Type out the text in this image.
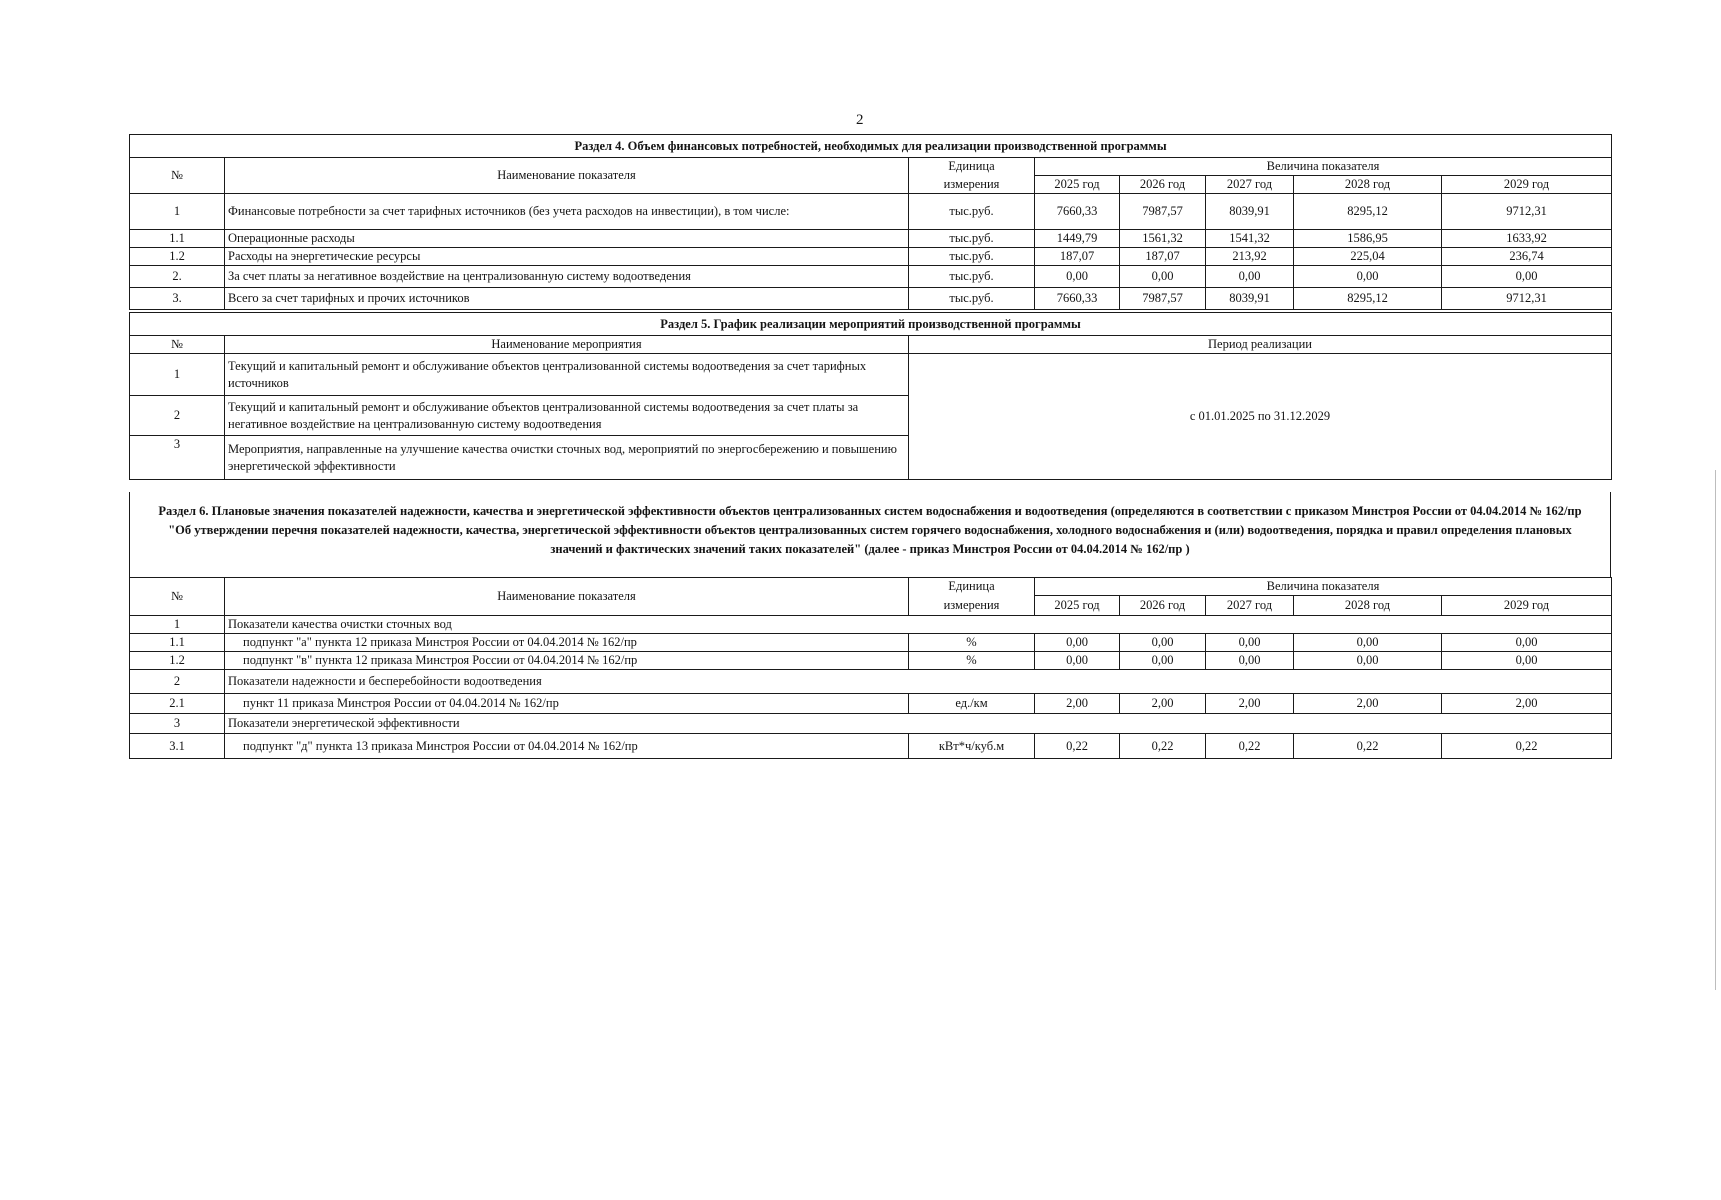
2
Раздел 4. Объем финансовых потребностей, необходимых для реализации производственной программы							
№	Наименование показателя	Единица	Величина показателя				
		измерения	2025 год	2026 год	2027 год	2028 год	2029 год
1	Финансовые потребности за счет тарифных источников (без учета расходов на инвестиции), в том числе:	тыс.руб.	7660,33	7987,57	8039,91	8295,12	9712,31
1.1	Операционные расходы	тыс.руб.	1449,79	1561,32	1541,32	1586,95	1633,92
1.2	Расходы на энергетические ресурсы	тыс.руб.	187,07	187,07	213,92	225,04	236,74
2.	За счет платы за негативное воздействие на централизованную систему водоотведения	тыс.руб.	0,00	0,00	0,00	0,00	0,00
3.	Всего за счет тарифных и прочих источников	тыс.руб.	7660,33	7987,57	8039,91	8295,12	9712,31
Раздел 5. График реализации мероприятий производственной программы		
№	Наименование мероприятия	Период реализации
1	Текущий и капитальный ремонт и обслуживание объектов централизованной системы водоотведения за счет тарифных источников	с 01.01.2025 по 31.12.2029
2	Текущий и капитальный ремонт и обслуживание объектов централизованной системы водоотведения за счет платы за негативное воздействие на централизованную систему водоотведения	
3	Мероприятия, направленные на улучшение качества очистки сточных вод, мероприятий по энергосбережению и повышению энергетической эффективности	
Раздел 6. Плановые значения показателей надежности, качества и энергетической эффективности объектов централизованных систем водоснабжения и водоотведения (определяются в соответствии с приказом Минстроя России от 04.04.2014 № 162/пр "Об утверждении перечня показателей надежности, качества, энергетической эффективности объектов централизованных систем горячего водоснабжения, холодного водоснабжения и (или) водоотведения, порядка и правил определения плановых значений и фактических значений таких показателей" (далее - приказ Минстроя России от 04.04.2014 № 162/пр )
№	Наименование показателя	Единица	Величина показателя				
		измерения	2025 год	2026 год	2027 год	2028 год	2029 год
1	Показатели качества очистки сточных вод						
1.1	подпункт "а" пункта 12 приказа Минстроя России от 04.04.2014 № 162/пр	%	0,00	0,00	0,00	0,00	0,00
1.2	подпункт "в" пункта 12 приказа Минстроя России от 04.04.2014 № 162/пр	%	0,00	0,00	0,00	0,00	0,00
2	Показатели надежности и бесперебойности водоотведения						
2.1	пункт 11 приказа Минстроя России от 04.04.2014 № 162/пр	ед./км	2,00	2,00	2,00	2,00	2,00
3	Показатели энергетической эффективности						
3.1	подпункт "д" пункта 13 приказа Минстроя России от 04.04.2014 № 162/пр	кВт*ч/куб.м	0,22	0,22	0,22	0,22	0,22
